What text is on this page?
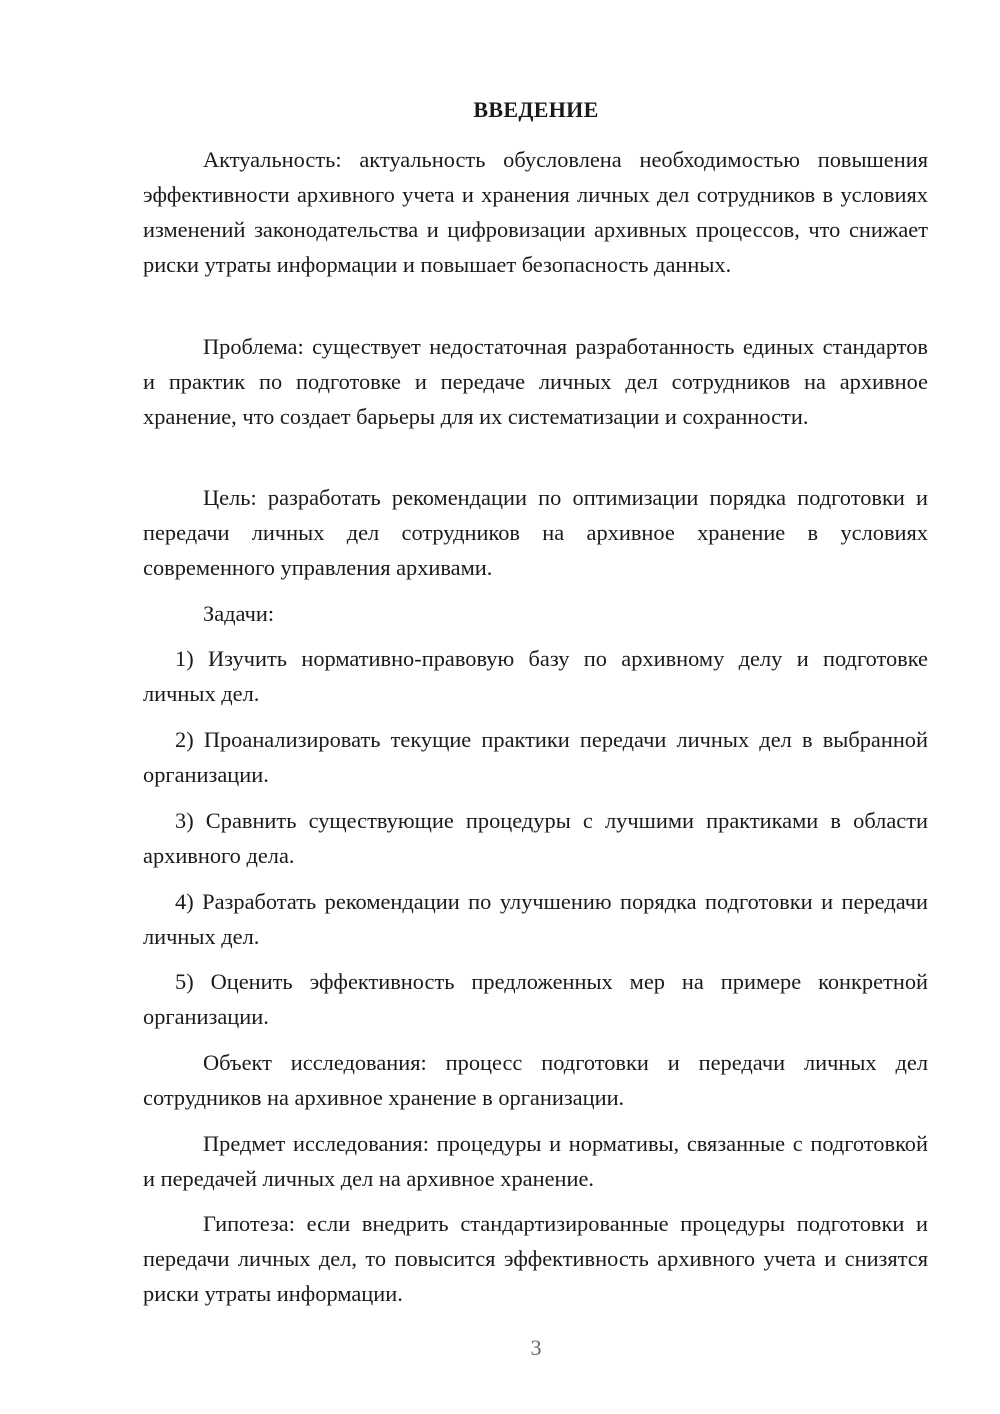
ВВЕДЕНИЕ

Актуальность: актуальность обусловлена необходимостью повышения эффективности архивного учета и хранения личных дел сотрудников в условиях изменений законодательства и цифровизации архивных процессов, что снижает риски утраты информации и повышает безопасность данных.

Проблема: существует недостаточная разработанность единых стандартов и практик по подготовке и передаче личных дел сотрудников на архивное хранение, что создает барьеры для их систематизации и сохранности.

Цель: разработать рекомендации по оптимизации порядка подготовки и передачи личных дел сотрудников на архивное хранение в условиях современного управления архивами.

Задачи:

1) Изучить нормативно-правовую базу по архивному делу и подготовке личных дел.

2) Проанализировать текущие практики передачи личных дел в выбранной организации.

3) Сравнить существующие процедуры с лучшими практиками в области архивного дела.

4) Разработать рекомендации по улучшению порядка подготовки и передачи личных дел.

5) Оценить эффективность предложенных мер на примере конкретной организации.

Объект исследования: процесс подготовки и передачи личных дел сотрудников на архивное хранение в организации.

Предмет исследования: процедуры и нормативы, связанные с подготовкой и передачей личных дел на архивное хранение.

Гипотеза: если внедрить стандартизированные процедуры подготовки и передачи личных дел, то повысится эффективность архивного учета и снизятся риски утраты информации.

3
